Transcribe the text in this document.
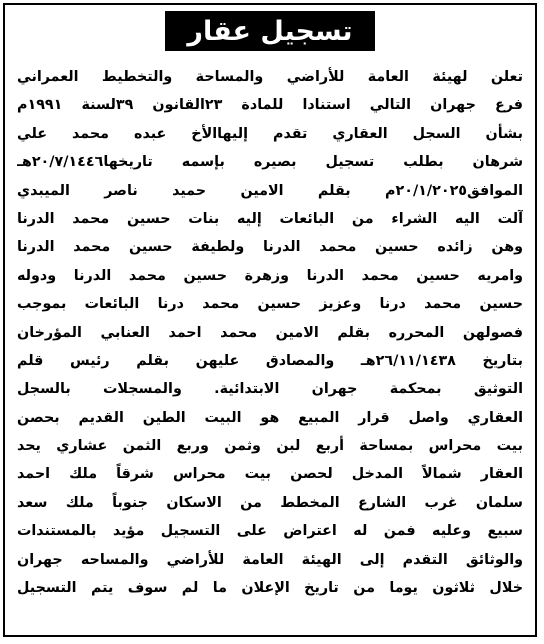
تسجيل عقار
تعلن لهيئة العامة للأراضي والمساحة والتخطيط العمراني
فرع جهران التالي استنادا للمادة ٢٣القانون ٣٩لسنة ١٩٩١م
بشأن السجل العقاري تقدم إليهاالأخ عبده محمد علي
شرهان بطلب تسجيل بصيره بإسمه تاريخها٢٠/٧/١٤٤٦هـ
الموافق٢٠/١/٢٠٢٥م بقلم الامين حميد ناصر الميبدي
آلت اليه الشراء من البائعات إليه بنات حسين محمد الدرنا
وهن زائده حسين محمد الدرنا ولطيفة حسين محمد الدرنا
وامريه حسين محمد الدرنا وزهرة حسين محمد الدرنا ودوله
حسين محمد درنا وعزيز حسين محمد درنا البائعات بموجب
فصولهن المحرره بقلم الامين محمد احمد العنابي المؤرخان
بتاريخ ٢٦/١١/١٤٣٨هـ والمصادق عليهن بقلم رئيس قلم
التوثيق بمحكمة جهران الابتدائية. والمسجلات بالسجل
العقاري واصل قرار المبيع هو البيت الطين القديم بحصن
بيت محراس بمساحة أربع لبن وثمن وربع الثمن عشاري يحد
العقار شمالاً المدخل لحصن بيت محراس شرقاً ملك احمد
سلمان غرب الشارع المخطط من الاسكان جنوباً ملك سعد
سبيع وعليه فمن له اعتراض على التسجيل مؤيد بالمستندات
والوثائق التقدم إلى الهيئة العامة للأراضي والمساحه جهران
خلال ثلاثون يوما من تاريخ الإعلان ما لم سوف يتم التسجيل
